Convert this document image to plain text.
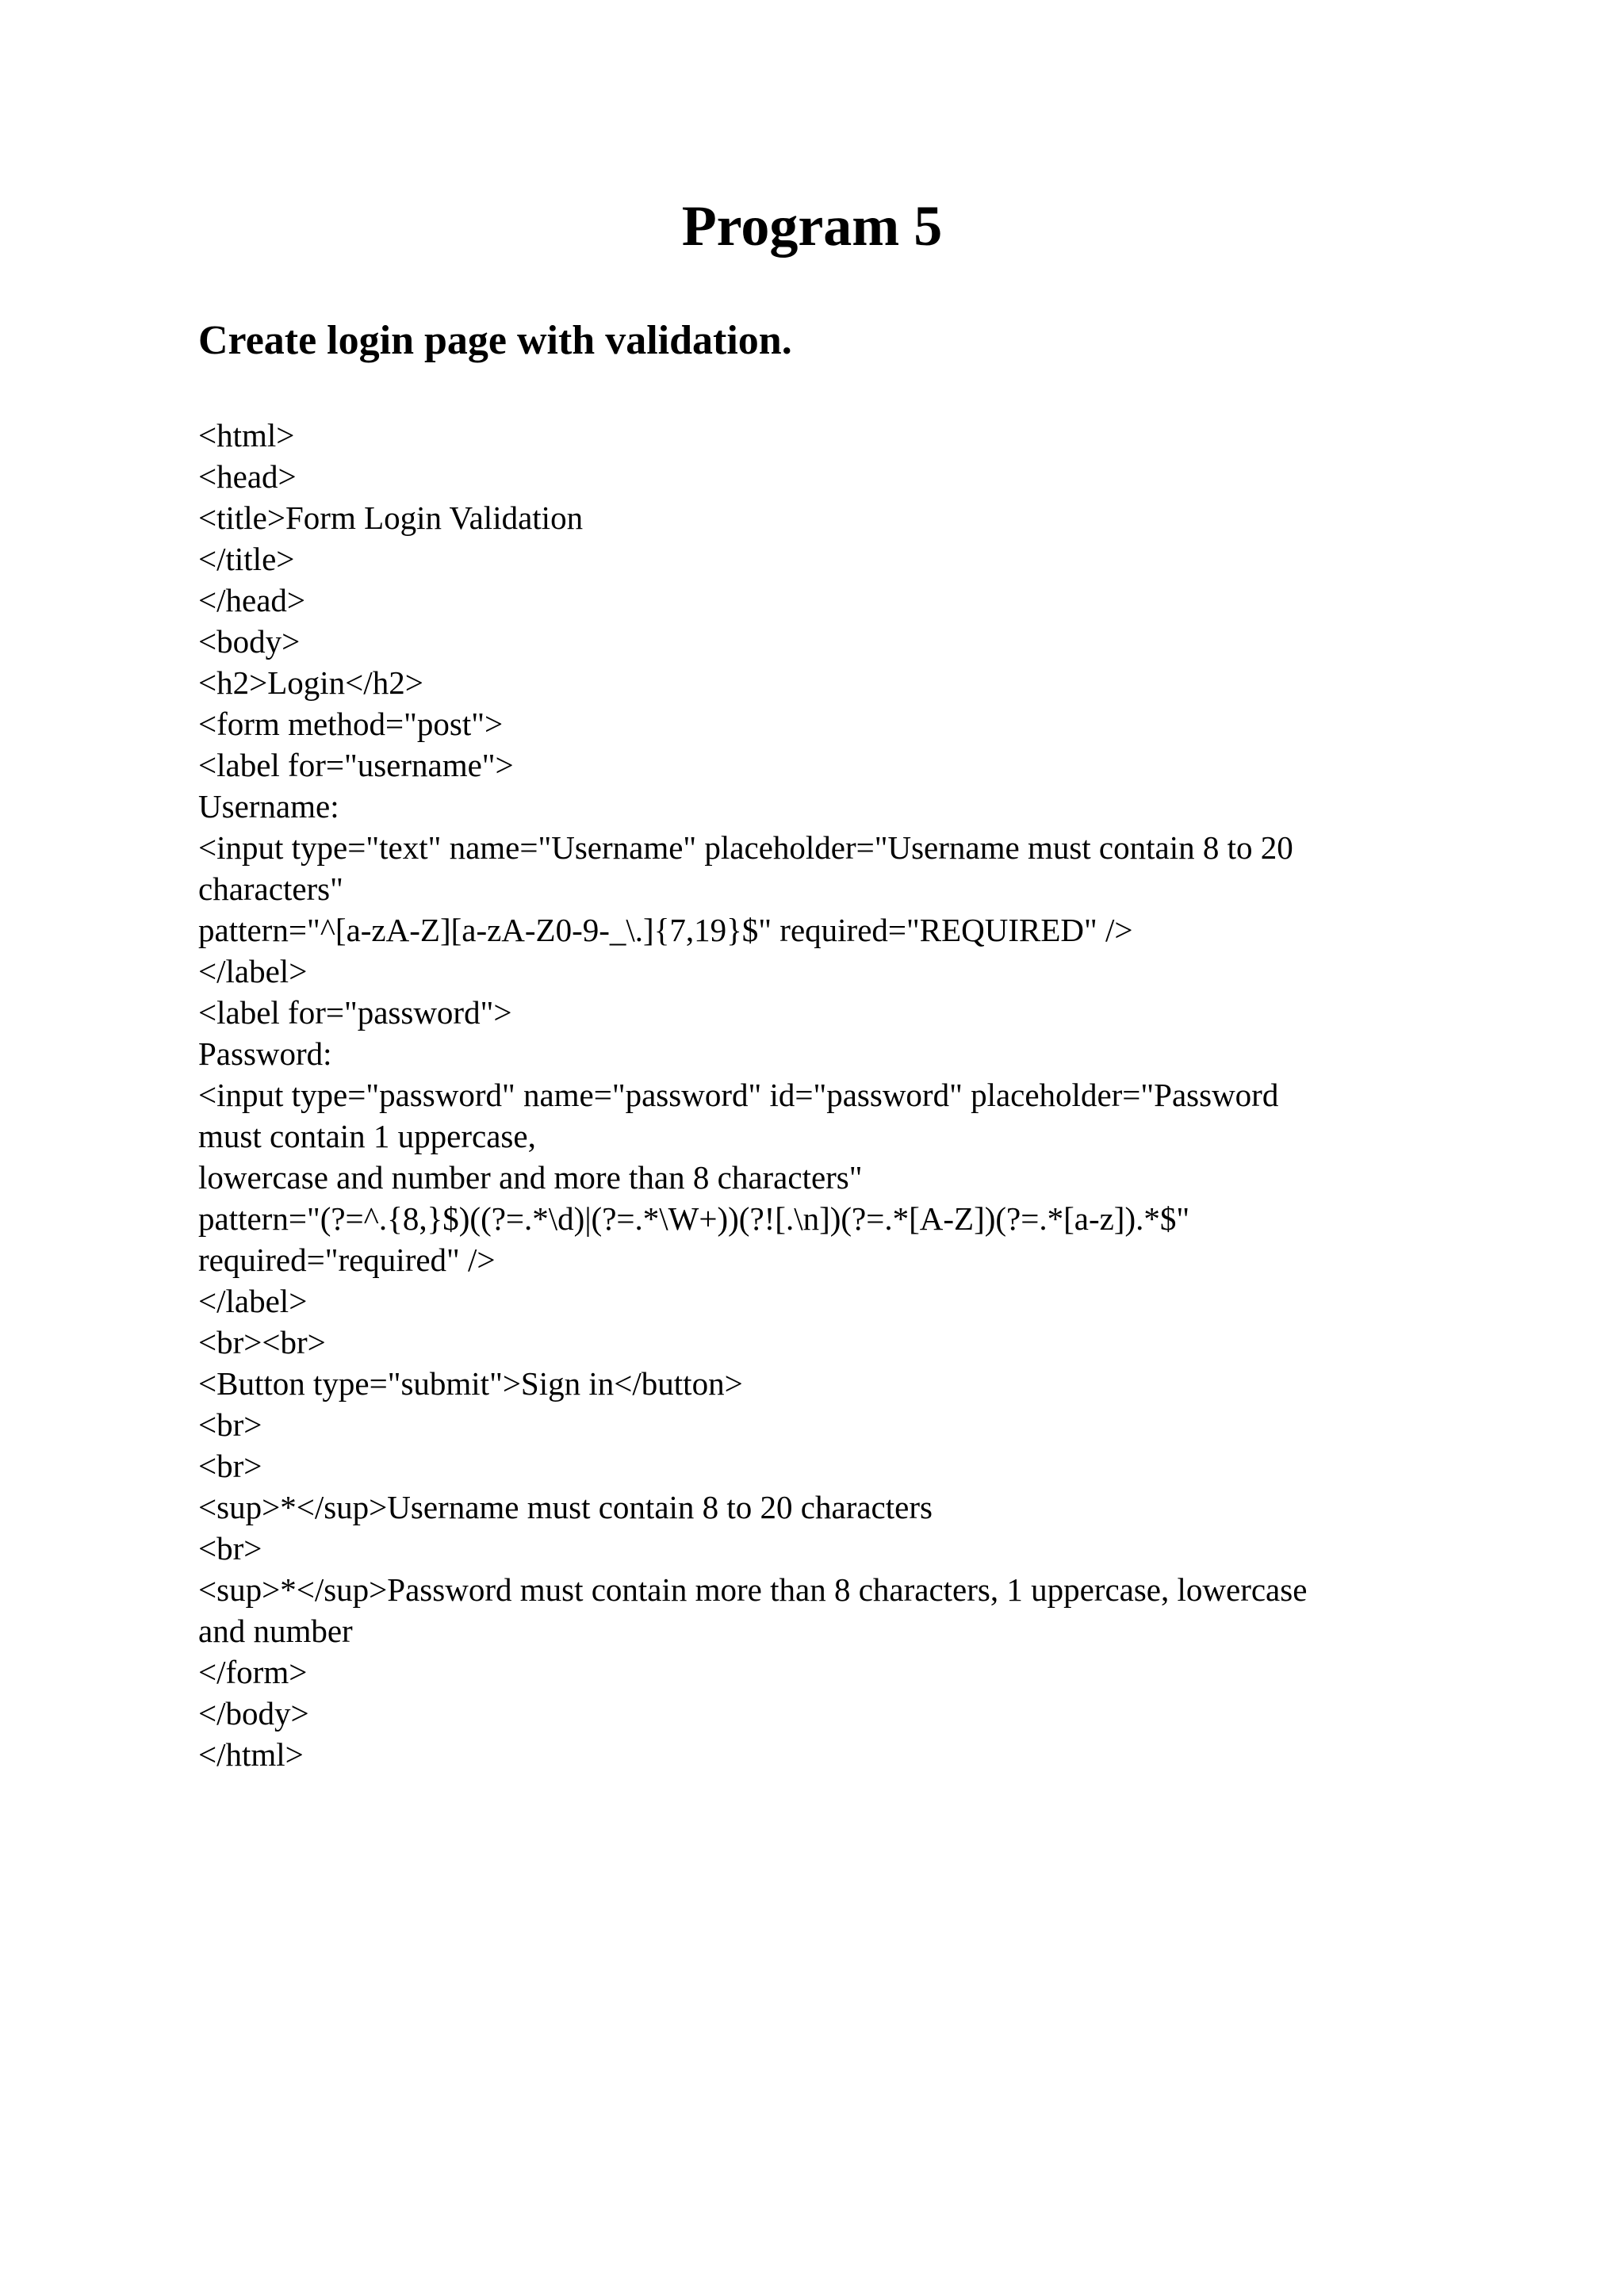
Program 5
Create login page with validation.
<html>
<head>
<title>Form Login Validation
</title>
</head>
<body>
<h2>Login</h2>
<form method="post">
<label for="username">
Username:
<input type="text" name="Username" placeholder="Username must contain 8 to 20
characters"
pattern="^[a-zA-Z][a-zA-Z0-9-_\.]{7,19}$" required="REQUIRED" />
</label>
<label for="password">
Password:
<input type="password" name="password" id="password" placeholder="Password
must contain 1 uppercase,
lowercase and number and more than 8 characters"
pattern="(?=^.{8,}$)((?=.*\d)|(?=.*\W+))(?![.\n])(?=.*[A-Z])(?=.*[a-z]).*$"
required="required" />
</label>
<br><br>
<Button type="submit">Sign in</button>
<br>
<br>
<sup>*</sup>Username must contain 8 to 20 characters
<br>
<sup>*</sup>Password must contain more than 8 characters, 1 uppercase, lowercase
and number
</form>
</body>
</html>
